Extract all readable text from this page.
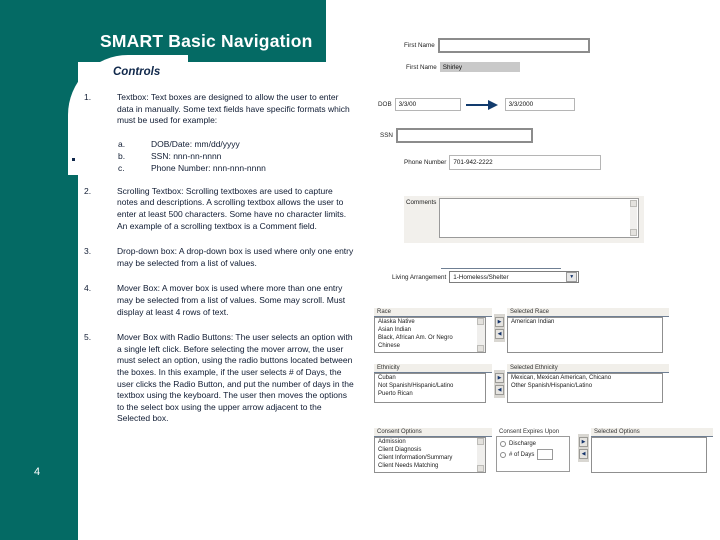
SMART Basic Navigation
Controls
4
1.	Textbox: Text boxes are designed to allow the user to enter data in manually. Some text fields have specific formats which must be used for example:
a.	DOB/Date: mm/dd/yyyy
b.	SSN: nnn-nn-nnnn
c.	Phone Number: nnn-nnn-nnnn
2.	Scrolling Textbox: Scrolling textboxes are used to capture notes and descriptions. A scrolling textbox allows the user to enter at least 500 characters. Some have no character limits. An example of a scrolling textbox is a Comment field.
3.	Drop-down box: A drop-down box is used where only one entry may be selected from a list of values.
4.	Mover Box: A mover box is used where more than one entry may be selected from a list of values. Some may scroll. Must display at least 4 rows of text.
5.	Mover Box with Radio Buttons: The user selects an option with a single left click. Before selecting the mover arrow, the user must select an option, using the radio buttons located between the boxes. In this example, if the user selects # of Days, the user clicks the Radio Button, and put the number of days in the textbox using the keyboard. The user then moves the options to the select box using the upper arrow adjacent to the Selected box.
First Name
First Name Shirley
DOB	3/3/00	3/3/2000
SSN
Phone Number	701-942-2222
Comments
Living Arrangement	1-Homeless/Shelter	▼
Race
Alaska Native
Asian Indian
Black, African Am. Or Negro
Chinese
▶
◀
Selected Race
American Indian
Ethnicity
Cuban
Not Spanish/Hispanic/Latino
Puerto Rican
▶
◀
Selected Ethnicity
Mexican, Mexican American, Chicano
Other Spanish/Hispanic/Latino
Consent Options
Admission
Client Diagnosis
Client Information/Summary
Client Needs Matching
Consent Expires Upon
Discharge
# of Days
▶
◀
Selected Options
